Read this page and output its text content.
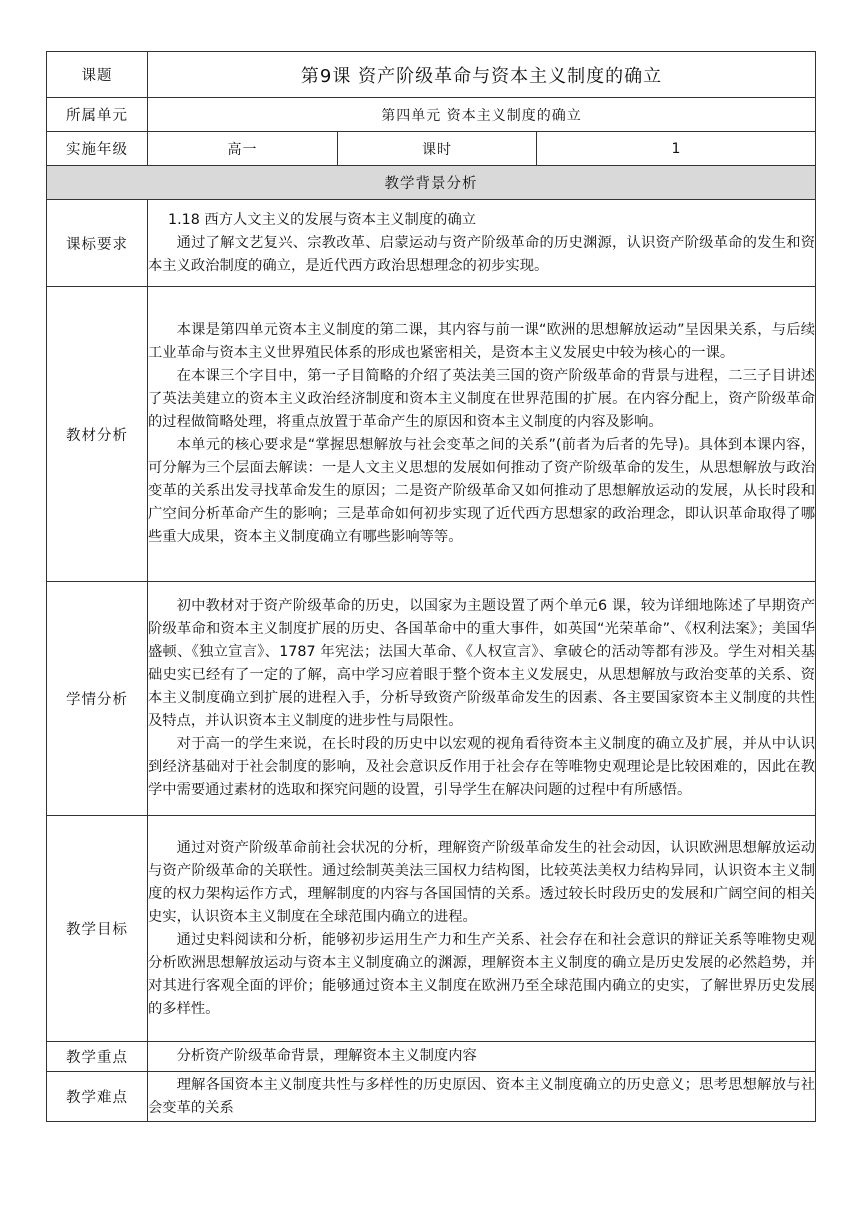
课题	第9课 资产阶级革命与资本主义制度的确立		
所属单元	第四单元 资本主义制度的确立		
实施年级	高一	课时	1
教学背景分析			
课标要求	1.18 西方人文主义的发展与资本主义制度的确立

通过了解文艺复兴、宗教改革、启蒙运动与资产阶级革命的历史渊源，认识资产阶级革命的发生和资本主义政治制度的确立，是近代西方政治思想理念的初步实现。		

教材分析	本课是第四单元资本主义制度的第二课，其内容与前一课“欧洲的思想解放运动”呈因果关系，与后续工业革命与资本主义世界殖民体系的形成也紧密相关，是资本主义发展史中较为核心的一课。

在本课三个字目中，第一子目简略的介绍了英法美三国的资产阶级革命的背景与进程，二三子目讲述了英法美建立的资本主义政治经济制度和资本主义制度在世界范围的扩展。在内容分配上，资产阶级革命的过程做简略处理，将重点放置于革命产生的原因和资本主义制度的内容及影响。

本单元的核心要求是“掌握思想解放与社会变革之间的关系”(前者为后者的先导)。具体到本课内容，可分解为三个层面去解读：一是人文主义思想的发展如何推动了资产阶级革命的发生，从思想解放与政治变革的关系出发寻找革命发生的原因；二是资产阶级革命又如何推动了思想解放运动的发展，从长时段和广空间分析革命产生的影响；三是革命如何初步实现了近代西方思想家的政治理念，即认识革命取得了哪些重大成果，资本主义制度确立有哪些影响等等。		

学情分析	初中教材对于资产阶级革命的历史，以国家为主题设置了两个单元6 课，较为详细地陈述了早期资产阶级革命和资本主义制度扩展的历史、各国革命中的重大事件，如英国“光荣革命”、《权利法案》；美国华盛顿、《独立宣言》、1787 年宪法；法国大革命、《人权宣言》、拿破仑的活动等都有涉及。学生对相关基础史实已经有了一定的了解，高中学习应着眼于整个资本主义发展史，从思想解放与政治变革的关系、资本主义制度确立到扩展的进程入手，分析导致资产阶级革命发生的因素、各主要国家资本主义制度的共性及特点，并认识资本主义制度的进步性与局限性。

对于高一的学生来说，在长时段的历史中以宏观的视角看待资本主义制度的确立及扩展，并从中认识到经济基础对于社会制度的影响，及社会意识反作用于社会存在等唯物史观理论是比较困难的，因此在教学中需要通过素材的选取和探究问题的设置，引导学生在解决问题的过程中有所感悟。		

教学目标	通过对资产阶级革命前社会状况的分析，理解资产阶级革命发生的社会动因，认识欧洲思想解放运动与资产阶级革命的关联性。通过绘制英美法三国权力结构图，比较英法美权力结构异同，认识资本主义制度的权力架构运作方式，理解制度的内容与各国国情的关系。透过较长时段历史的发展和广阔空间的相关史实，认识资本主义制度在全球范围内确立的进程。

通过史料阅读和分析，能够初步运用生产力和生产关系、社会存在和社会意识的辩证关系等唯物史观分析欧洲思想解放运动与资本主义制度确立的渊源，理解资本主义制度的确立是历史发展的必然趋势，并对其进行客观全面的评价；能够通过资本主义制度在欧洲乃至全球范围内确立的史实，了解世界历史发展的多样性。		

教学重点	分析资产阶级革命背景，理解资本主义制度内容		

教学难点	理解各国资本主义制度共性与多样性的历史原因、资本主义制度确立的历史意义；思考思想解放与社会变革的关系		
